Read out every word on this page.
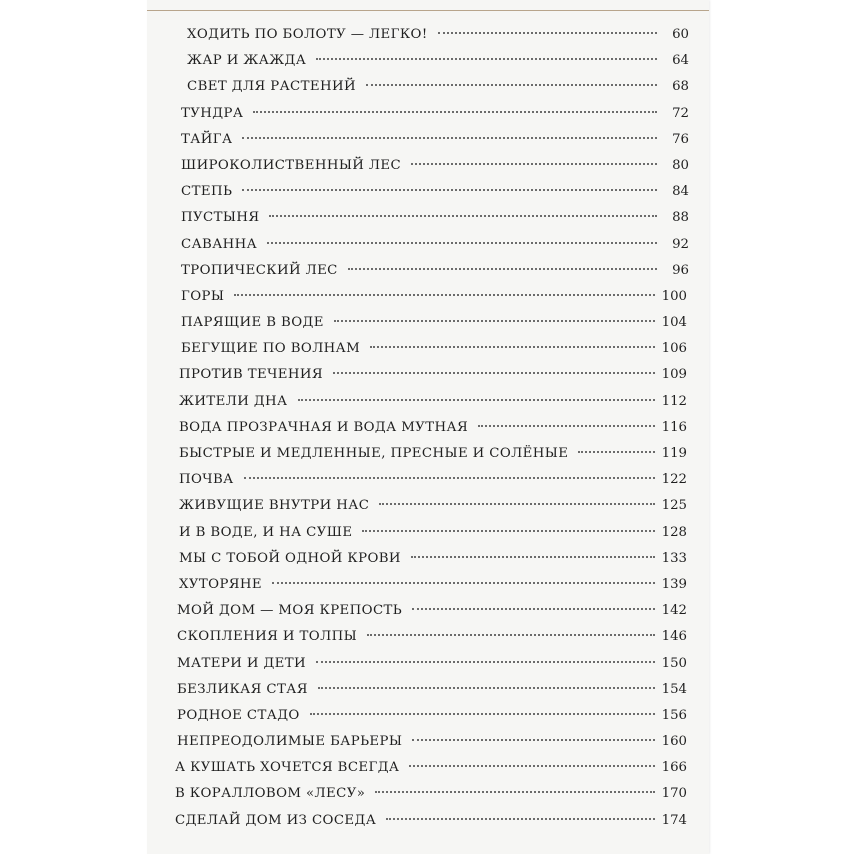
ХОДИТЬ ПО БОЛОТУ — ЛЕГКО!	60
ЖАР И ЖАЖДА	64
СВЕТ ДЛЯ РАСТЕНИЙ	68
ТУНДРА	72
ТАЙГА	76
ШИРОКОЛИСТВЕННЫЙ ЛЕС	80
СТЕПЬ	84
ПУСТЫНЯ	88
САВАННА	92
ТРОПИЧЕСКИЙ ЛЕС	96
ГОРЫ	100
ПАРЯЩИЕ В ВОДЕ	104
БЕГУЩИЕ ПО ВОЛНАМ	106
ПРОТИВ ТЕЧЕНИЯ	109
ЖИТЕЛИ ДНА	112
ВОДА ПРОЗРАЧНАЯ И ВОДА МУТНАЯ	116
БЫСТРЫЕ И МЕДЛЕННЫЕ, ПРЕСНЫЕ И СОЛЁНЫЕ	119
ПОЧВА	122
ЖИВУЩИЕ ВНУТРИ НАС	125
И В ВОДЕ, И НА СУШЕ	128
МЫ С ТОБОЙ ОДНОЙ КРОВИ	133
ХУТОРЯНЕ	139
МОЙ ДОМ — МОЯ КРЕПОСТЬ	142
СКОПЛЕНИЯ И ТОЛПЫ	146
МАТЕРИ И ДЕТИ	150
БЕЗЛИКАЯ СТАЯ	154
РОДНОЕ СТАДО	156
НЕПРЕОДОЛИМЫЕ БАРЬЕРЫ	160
А КУШАТЬ ХОЧЕТСЯ ВСЕГДА	166
В КОРАЛЛОВОМ «ЛЕСУ»	170
СДЕЛАЙ ДОМ ИЗ СОСЕДА	174
